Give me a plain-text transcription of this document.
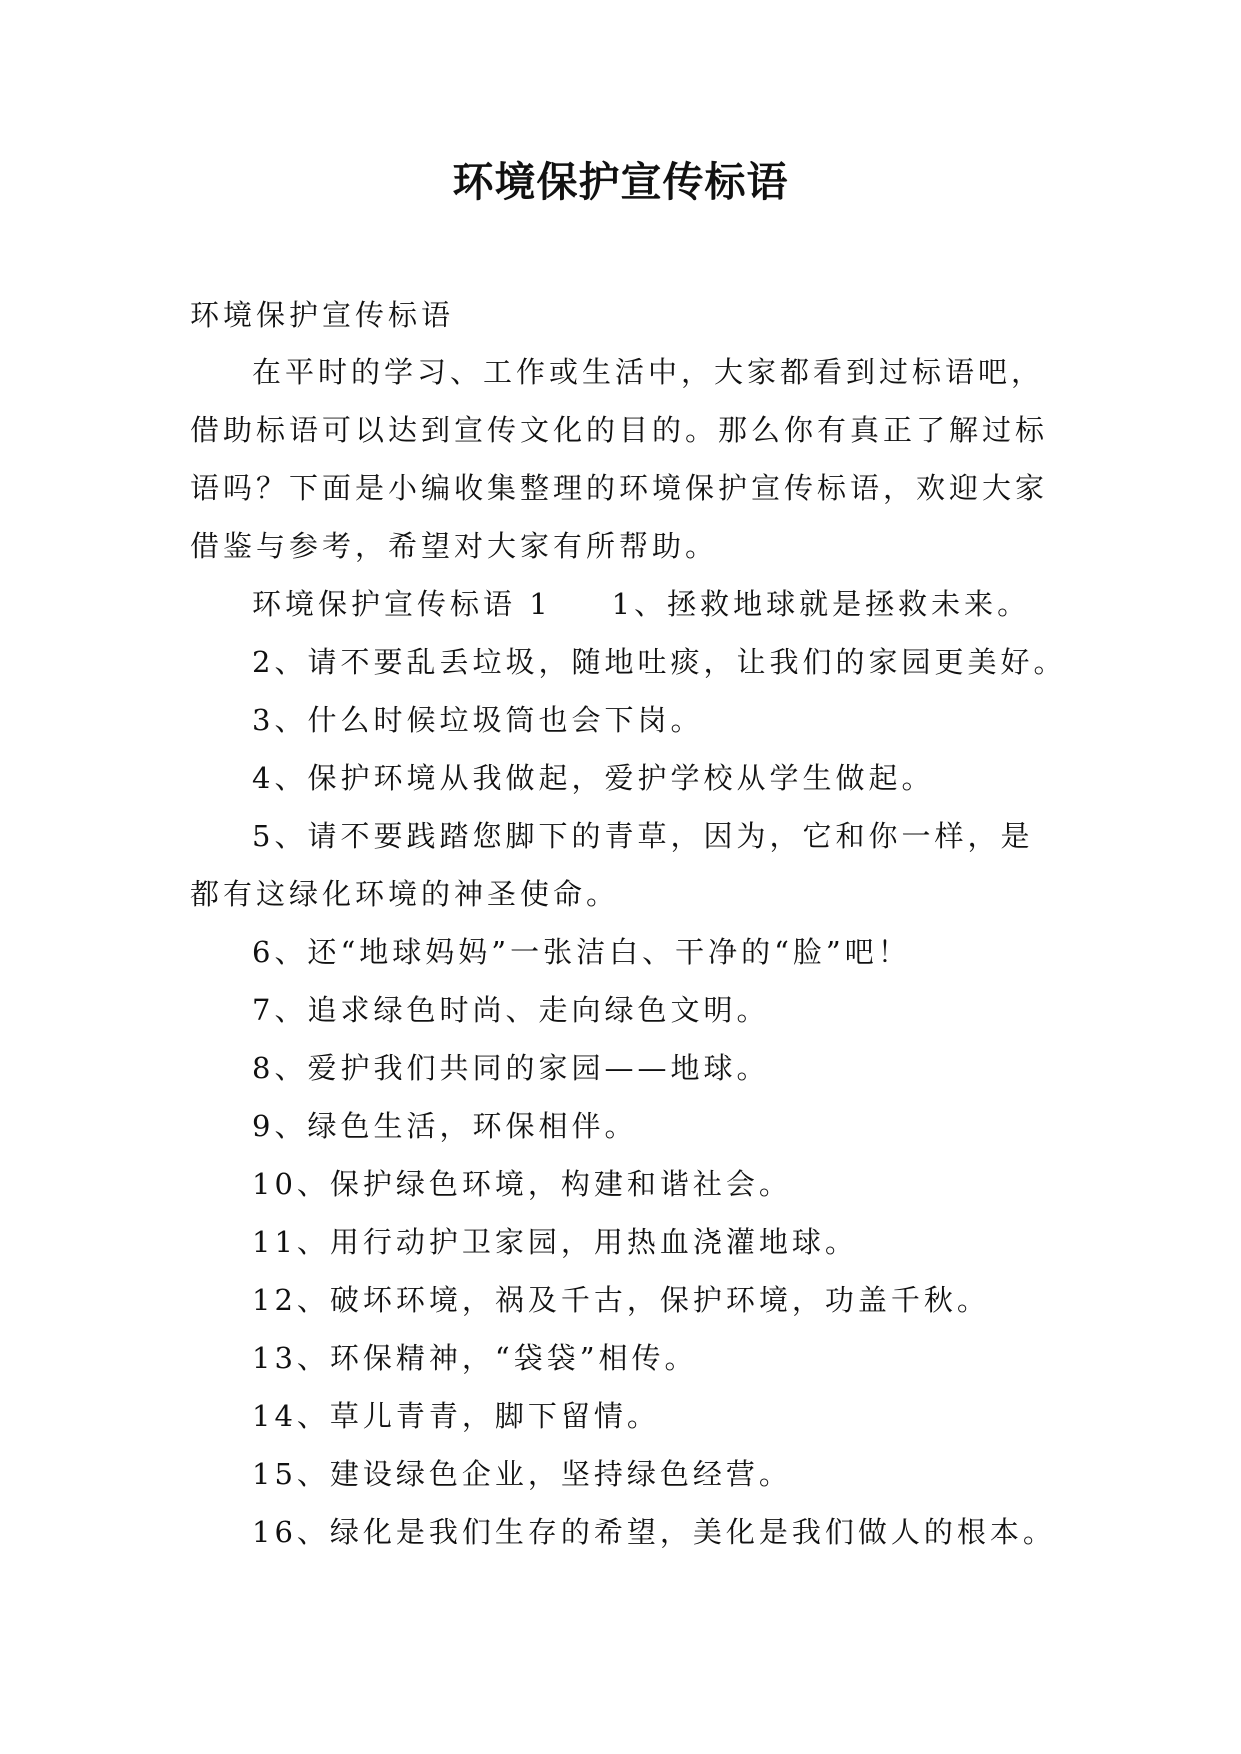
环境保护宣传标语
环境保护宣传标语
在平时的学习、工作或生活中，大家都看到过标语吧，
借助标语可以达到宣传文化的目的。那么你有真正了解过标
语吗？下面是小编收集整理的环境保护宣传标语，欢迎大家
借鉴与参考，希望对大家有所帮助。
环境保护宣传标语 1 1、拯救地球就是拯救未来。
2、请不要乱丢垃圾，随地吐痰，让我们的家园更美好。
3、什么时候垃圾筒也会下岗。
4、保护环境从我做起，爱护学校从学生做起。
5、请不要践踏您脚下的青草，因为，它和你一样，是
都有这绿化环境的神圣使命。
6、还“地球妈妈”一张洁白、干净的“脸”吧！
7、追求绿色时尚、走向绿色文明。
8、爱护我们共同的家园——地球。
9、绿色生活，环保相伴。
10、保护绿色环境，构建和谐社会。
11、用行动护卫家园，用热血浇灌地球。
12、破坏环境，祸及千古，保护环境，功盖千秋。
13、环保精神，“袋袋”相传。
14、草儿青青，脚下留情。
15、建设绿色企业，坚持绿色经营。
16、绿化是我们生存的希望，美化是我们做人的根本。
